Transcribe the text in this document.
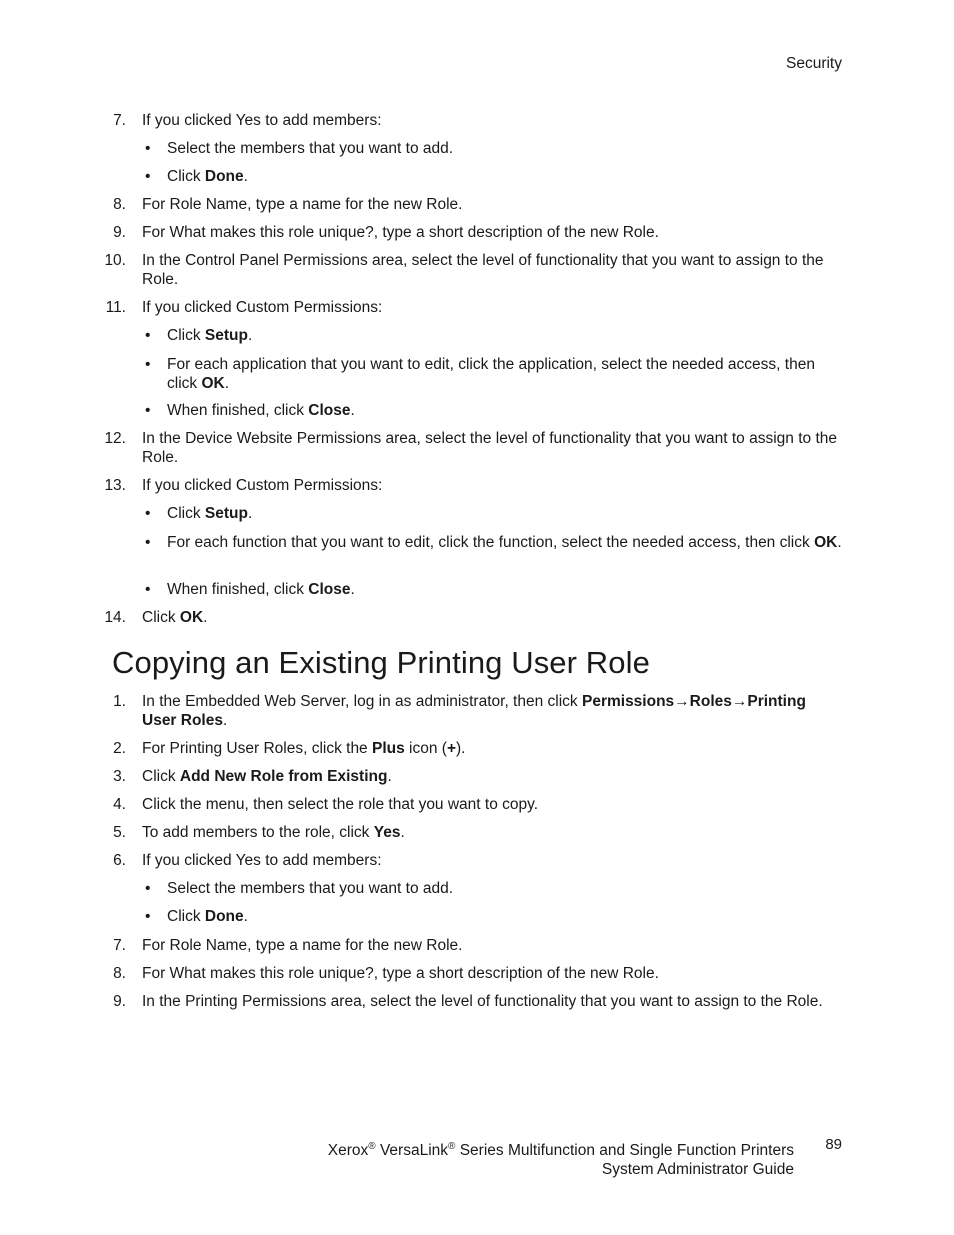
Security
7. If you clicked Yes to add members:
• Select the members that you want to add.
• Click Done.
8. For Role Name, type a name for the new Role.
9. For What makes this role unique?, type a short description of the new Role.
10. In the Control Panel Permissions area, select the level of functionality that you want to assign to the Role.
11. If you clicked Custom Permissions:
• Click Setup.
• For each application that you want to edit, click the application, select the needed access, then click OK.
• When finished, click Close.
12. In the Device Website Permissions area, select the level of functionality that you want to assign to the Role.
13. If you clicked Custom Permissions:
• Click Setup.
• For each function that you want to edit, click the function, select the needed access, then click OK.
• When finished, click Close.
14. Click OK.
Copying an Existing Printing User Role
1. In the Embedded Web Server, log in as administrator, then click Permissions→Roles→Printing User Roles.
2. For Printing User Roles, click the Plus icon (+).
3. Click Add New Role from Existing.
4. Click the menu, then select the role that you want to copy.
5. To add members to the role, click Yes.
6. If you clicked Yes to add members:
• Select the members that you want to add.
• Click Done.
7. For Role Name, type a name for the new Role.
8. For What makes this role unique?, type a short description of the new Role.
9. In the Printing Permissions area, select the level of functionality that you want to assign to the Role.
Xerox® VersaLink® Series Multifunction and Single Function Printers
System Administrator Guide
89
